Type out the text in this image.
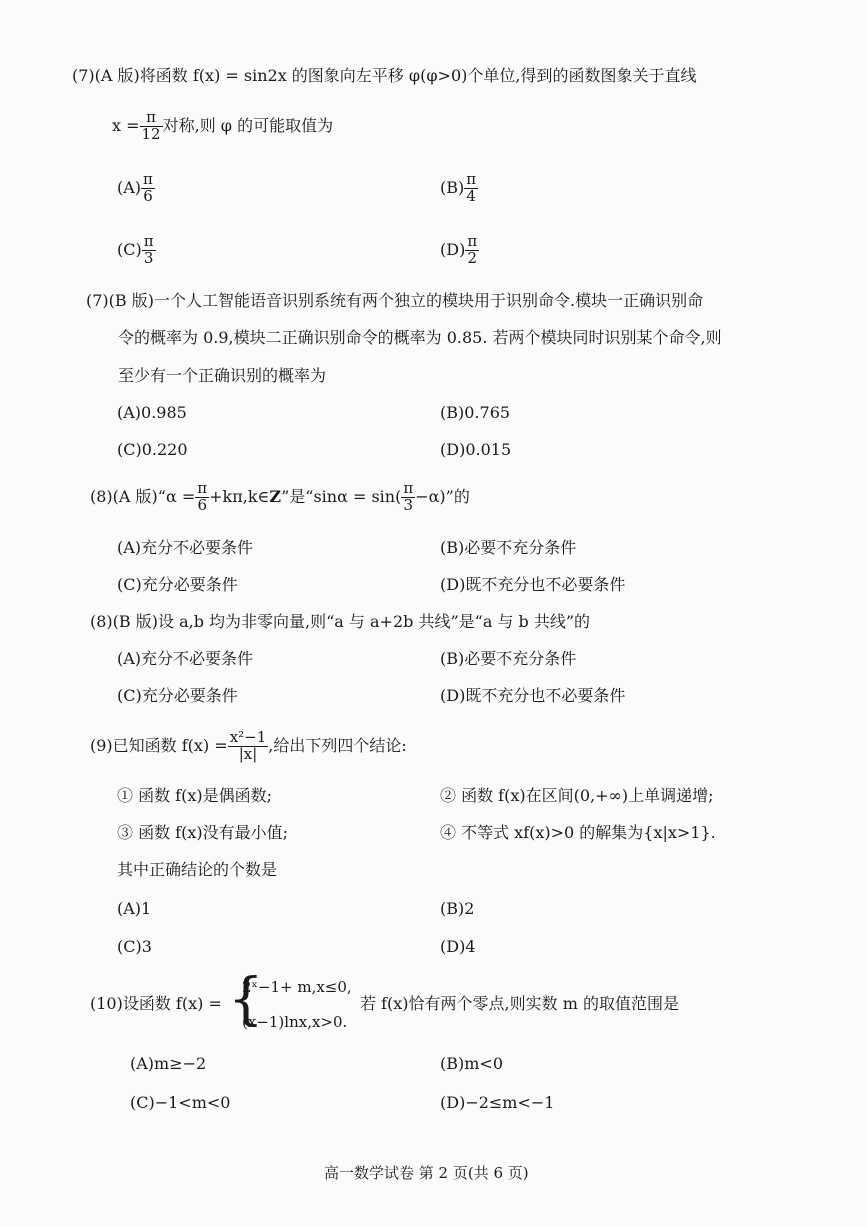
(7)(A 版)将函数 f(x) = sin2x 的图象向左平移 φ(φ>0)个单位,得到的函数图象关于直线
$x = \frac{\pi}{12}$ 对称,则 φ 的可能取值为
$(A) \frac{\pi}{6}$	$(B) \frac{\pi}{4}$
$(C) \frac{\pi}{3}$	$(D) \frac{\pi}{2}$
(7)(B 版)一个人工智能语音识别系统有两个独立的模块用于识别命令.模块一正确识别命
令的概率为 0.9,模块二正确识别命令的概率为 0.85. 若两个模块同时识别某个命令,则
至少有一个正确识别的概率为
(A)0.985	(B)0.765
(C)0.220	(D)0.015
(8)(A 版)“α = $\frac{\pi}{6}$ +kπ,k∈ Z ”是“$\sin\alpha = \sin( \frac{\pi}{3} -\alpha)$”的
(A)充分不必要条件	(B)必要不充分条件
(C)充分必要条件	(D)既不充分也不必要条件
(8)(B 版)设 a,b 均为非零向量,则“a 与 a+2b 共线”是“a 与 b 共线”的
(A)充分不必要条件	(B)必要不充分条件
(C)充分必要条件	(D)既不充分也不必要条件
(9)已知函数 $f(x) = \frac{\text{x²−1}}{|x|}$ ,给出下列四个结论:
① 函数 f(x)是偶函数;	② 函数 f(x)在区间(0,+∞)上单调递增;
③ 函数 f(x)没有最小值;	④ 不等式 xf(x)>0 的解集为{x|x>1}.
其中正确结论的个数是
(A)1	(B)2
(C)3	(D)4
(10)设函数 f(x) = {
2ˣ−1+ m,x≤0,
(x−1)lnx,x>0.
若 f(x)恰有两个零点,则实数 m 的取值范围是
(A)m≥−2	(B)m<0
(C)−1<m<0	(D)−2≤m<−1
高一数学试卷 第 2 页(共 6 页)
